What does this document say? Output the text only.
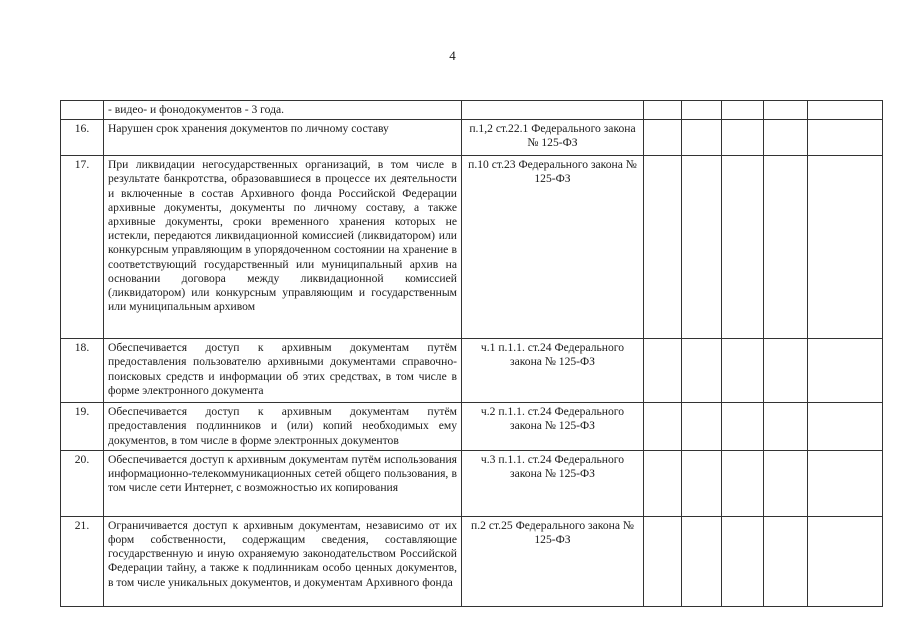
4
	- видео- и фонодокументов - 3 года.						
16.	Нарушен срок хранения документов по личному составу	п.1,2 ст.22.1 Федерального закона № 125-ФЗ					
17.	При ликвидации негосударственных организаций, в том числе в результате банкротства, образовавшиеся в процессе их деятельности и включенные в состав Архивного фонда Российской Федерации архивные документы, документы по личному составу, а также архивные документы, сроки временного хранения которых не истекли, передаются ликвидационной комиссией (ликвидатором) или конкурсным управляющим в упорядоченном состоянии на хранение в соответствующий государственный или муниципальный архив на основании договора между ликвидационной комиссией (ликвидатором) или конкурсным управляющим и государственным или муниципальным архивом	п.10 ст.23 Федерального закона № 125-ФЗ					
18.	Обеспечивается доступ к архивным документам путём предоставления пользователю архивными документами справочно-поисковых средств и информации об этих средствах, в том числе в форме электронного документа	ч.1 п.1.1. ст.24 Федерального закона № 125-ФЗ					
19.	Обеспечивается доступ к архивным документам путём предоставления подлинников и (или) копий необходимых ему документов, в том числе в форме электронных документов	ч.2 п.1.1. ст.24 Федерального закона № 125-ФЗ					
20.	Обеспечивается доступ к архивным документам путём использования информационно-телекоммуникационных сетей общего пользования, в том числе сети Интернет, с возможностью их копирования	ч.3 п.1.1. ст.24 Федерального закона № 125-ФЗ					
21.	Ограничивается доступ к архивным документам, независимо от их форм собственности, содержащим сведения, составляющие государственную и иную охраняемую законодательством Российской Федерации тайну, а также к подлинникам особо ценных документов, в том числе уникальных документов, и документам Архивного фонда	п.2 ст.25 Федерального закона № 125-ФЗ					
